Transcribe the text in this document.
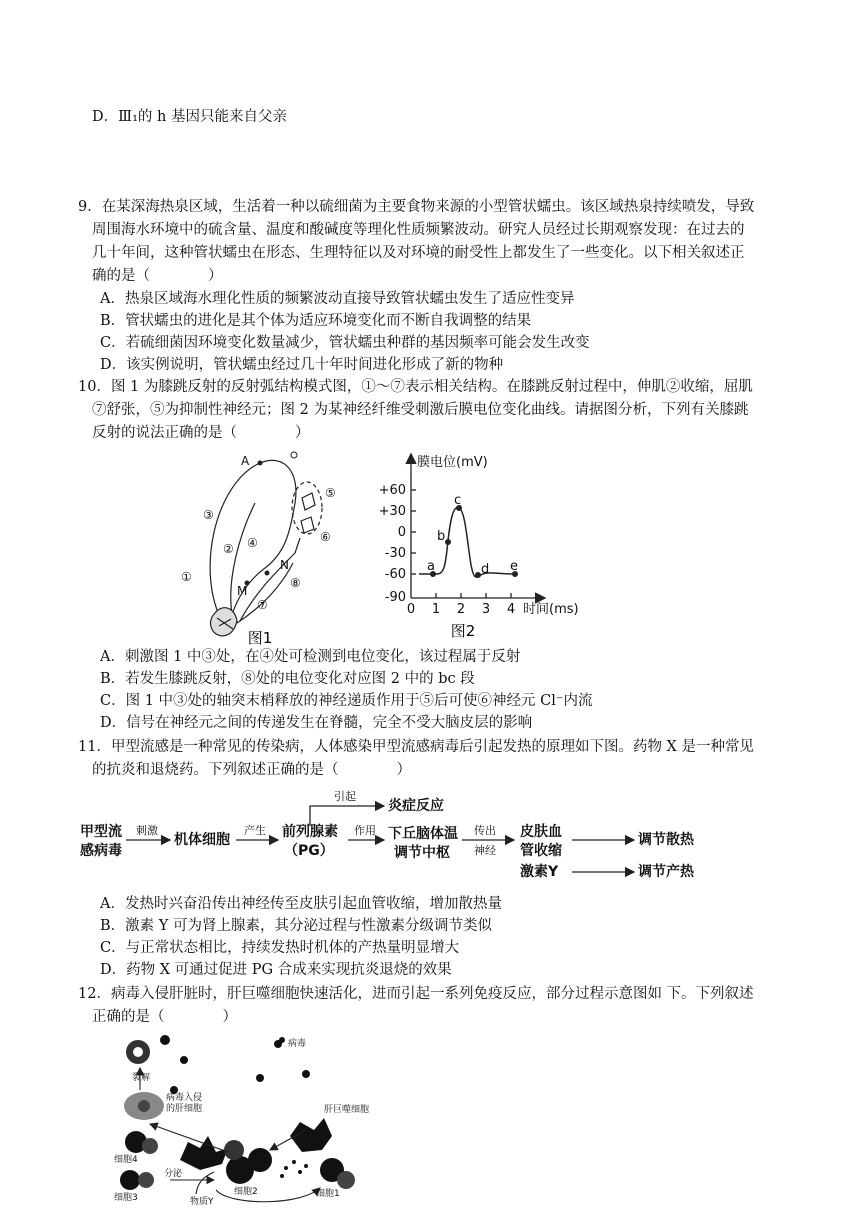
D．Ⅲ₁的 h 基因只能来自父亲
9．在某深海热泉区域，生活着一种以硫细菌为主要食物来源的小型管状蠕虫。该区域热泉持续喷发，导致
周围海水环境中的硫含量、温度和酸碱度等理化性质频繁波动。研究人员经过长期观察发现：在过去的
几十年间，这种管状蠕虫在形态、生理特征以及对环境的耐受性上都发生了一些变化。以下相关叙述正
确的是（　　　　）
A．热泉区域海水理化性质的频繁波动直接导致管状蠕虫发生了适应性变异
B．管状蠕虫的进化是其个体为适应环境变化而不断自我调整的结果
C．若硫细菌因环境变化数量减少，管状蠕虫种群的基因频率可能会发生改变
D．该实例说明，管状蠕虫经过几十年时间进化形成了新的物种
10．图 1 为膝跳反射的反射弧结构模式图，①～⑦表示相关结构。在膝跳反射过程中，伸肌②收缩，屈肌
⑦舒张，⑤为抑制性神经元；图 2 为某神经纤维受刺激后膜电位变化曲线。请据图分析，下列有关膝跳
反射的说法正确的是（　　　　）
A
③
② ④
①
⑤
⑥
N
⑧
M
⑦
图1
膜电位(mV)
+60
+30
0
-30
-60
-90
0 1 2 3 4 时间(ms)
a
b
c
d e
图2
A．刺激图 1 中③处，在④处可检测到电位变化，该过程属于反射
B．若发生膝跳反射，⑧处的电位变化对应图 2 中的 bc 段
C．图 1 中③处的轴突末梢释放的神经递质作用于⑤后可使⑥神经元 Cl⁻内流
D．信号在神经元之间的传递发生在脊髓，完全不受大脑皮层的影响
11．甲型流感是一种常见的传染病，人体感染甲型流感病毒后引起发热的原理如下图。药物 X 是一种常见
的抗炎和退烧药。下列叙述正确的是（　　　　）
甲型流
感病毒
机体细胞	前列腺素
（PG）
炎症反应
下丘脑体温
调节中枢
皮肤血
管收缩
激素Y
调节散热
调节产热
刺激	产生	作用
引起
传出
神经
A．发热时兴奋沿传出神经传至皮肤引起血管收缩，增加散热量
B．激素 Y 可为肾上腺素，其分泌过程与性激素分级调节类似
C．与正常状态相比，持续发热时机体的产热量明显增大
D．药物 X 可通过促进 PG 合成来实现抗炎退烧的效果
12．病毒入侵肝脏时，肝巨噬细胞快速活化，进而引起一系列免疫反应，部分过程示意图如 下。下列叙述
正确的是（　　　　）
病毒
裂解
病毒入侵
的肝细胞	肝巨噬细胞
细胞4
细胞3
细胞2	细胞1
分泌
物质Y
